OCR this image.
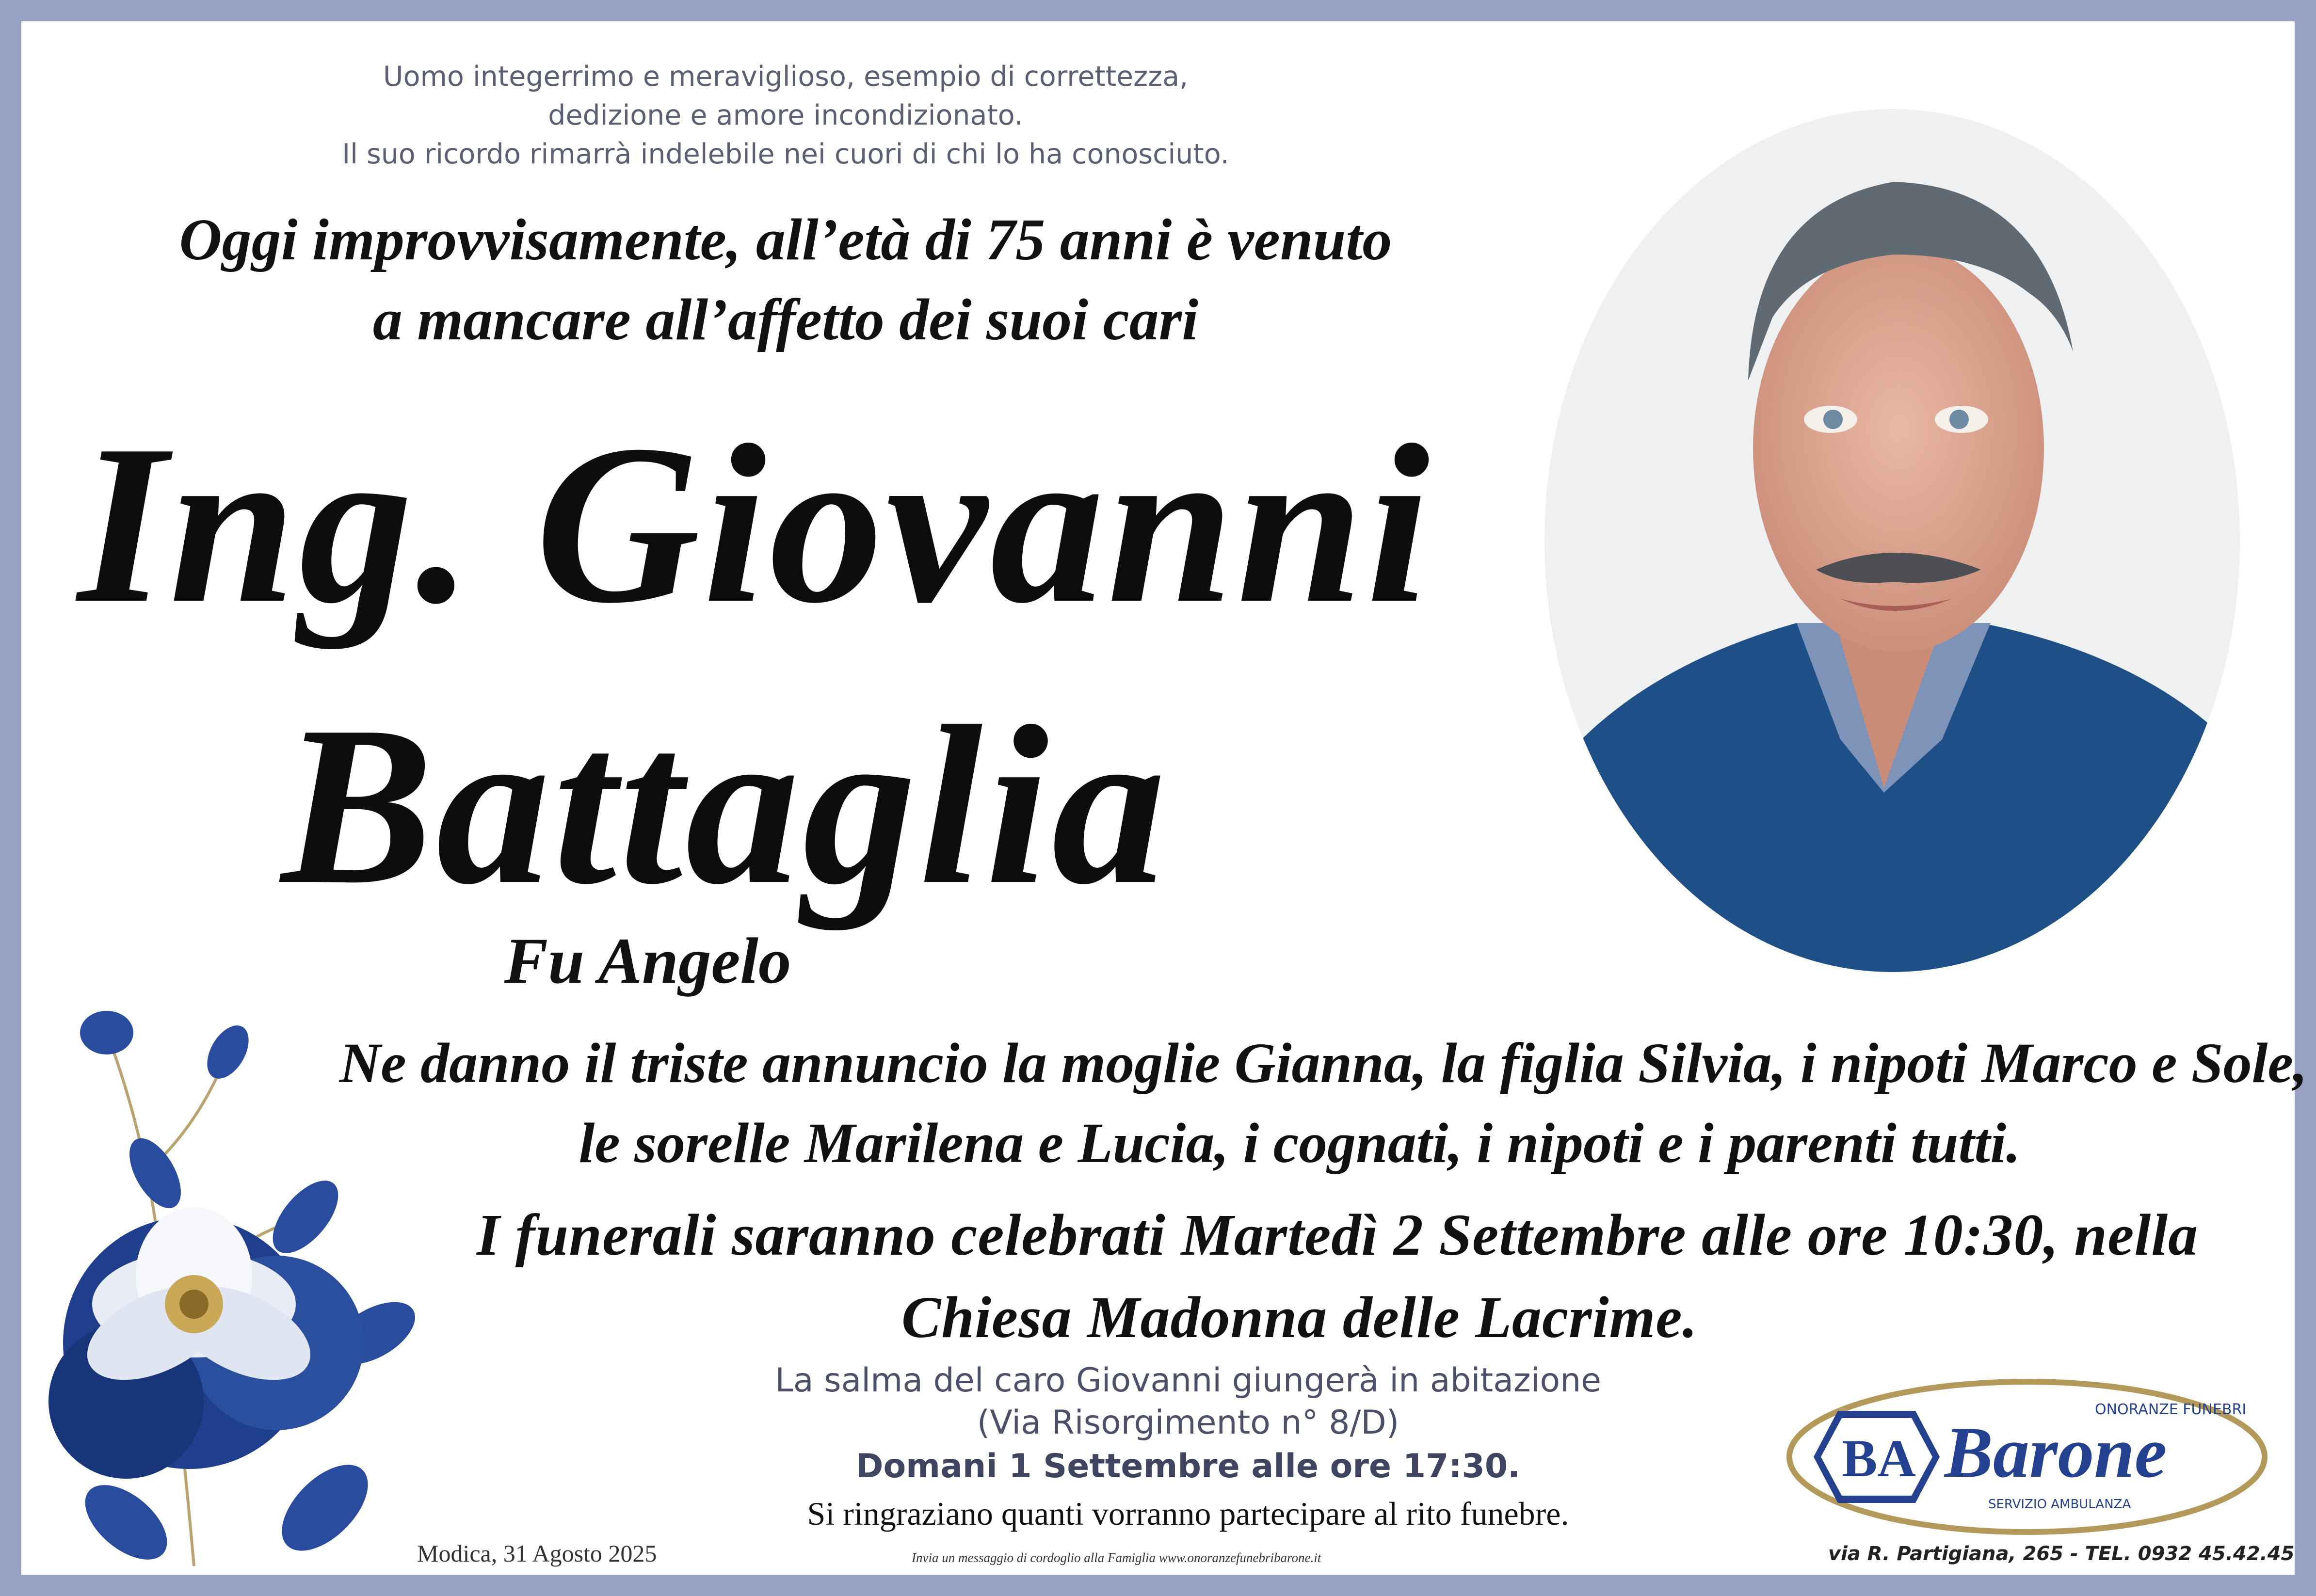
Uomo integerrimo e meraviglioso, esempio di correttezza,
dedizione e amore incondizionato.
Il suo ricordo rimarrà indelebile nei cuori di chi lo ha conosciuto.
Oggi improvvisamente, all’età di 75 anni è venuto
a mancare all’affetto dei suoi cari
Ing. Giovanni
Battaglia
Fu Angelo
Ne danno il triste annuncio la moglie Gianna, la figlia Silvia, i nipoti Marco e Sole,
le sorelle Marilena e Lucia, i cognati, i nipoti e i parenti tutti.
I funerali saranno celebrati Martedì 2 Settembre alle ore 10:30, nella
Chiesa Madonna delle Lacrime.
La salma del caro Giovanni giungerà in abitazione
(Via Risorgimento n° 8/D)
Domani 1 Settembre alle ore 17:30.
Si ringraziano quanti vorranno partecipare al rito funebre.
Modica, 31 Agosto 2025	Invia un messaggio di cordoglio alla Famiglia www.onoranzefunebribarone.it	via R. Partigiana, 265 - TEL. 0932 45.42.45
BA Barone
ONORANZE FUNEBRI
SERVIZIO AMBULANZA
